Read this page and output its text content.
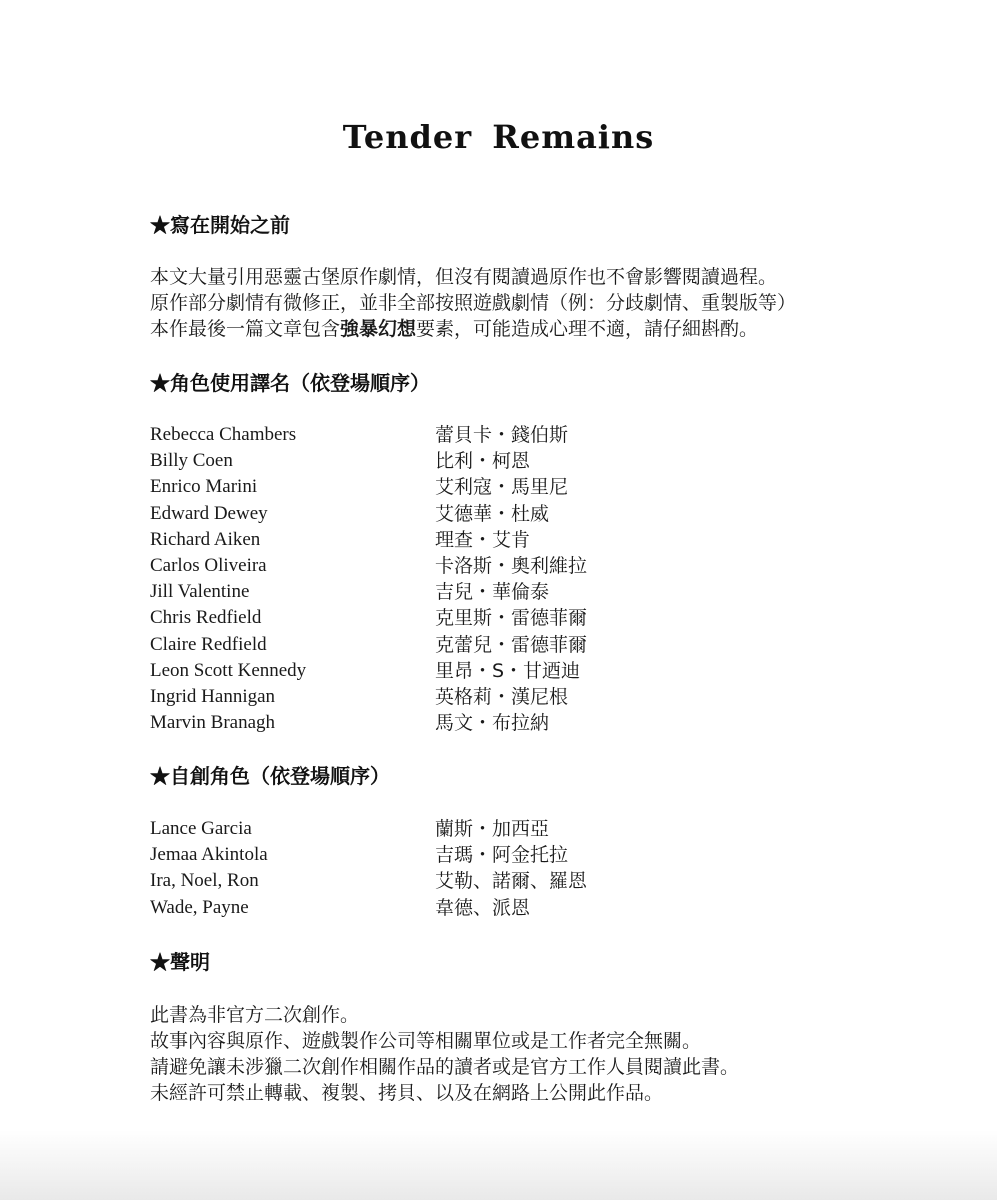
Tender Remains
★寫在開始之前
本文大量引用惡靈古堡原作劇情，但沒有閱讀過原作也不會影響閱讀過程。
原作部分劇情有微修正，並非全部按照遊戲劇情（例：分歧劇情、重製版等）
本作最後一篇文章包含強暴幻想要素，可能造成心理不適，請仔細斟酌。
★角色使用譯名（依登場順序）
Rebecca Chambers	蕾貝卡・錢伯斯
Billy Coen	比利・柯恩
Enrico Marini	艾利寇・馬里尼
Edward Dewey	艾德華・杜威
Richard Aiken	理查・艾肯
Carlos Oliveira	卡洛斯・奧利維拉
Jill Valentine	吉兒・華倫泰
Chris Redfield	克里斯・雷德菲爾
Claire Redfield	克蕾兒・雷德菲爾
Leon Scott Kennedy	里昂・S・甘迺迪
Ingrid Hannigan	英格莉・漢尼根
Marvin Branagh	馬文・布拉納
★自創角色（依登場順序）
Lance Garcia	蘭斯・加西亞
Jemaa Akintola	吉瑪・阿金托拉
Ira, Noel, Ron	艾勒、諾爾、羅恩
Wade, Payne	韋德、派恩
★聲明
此書為非官方二次創作。
故事內容與原作、遊戲製作公司等相關單位或是工作者完全無關。
請避免讓未涉獵二次創作相關作品的讀者或是官方工作人員閱讀此書。
未經許可禁止轉載、複製、拷貝、以及在網路上公開此作品。
